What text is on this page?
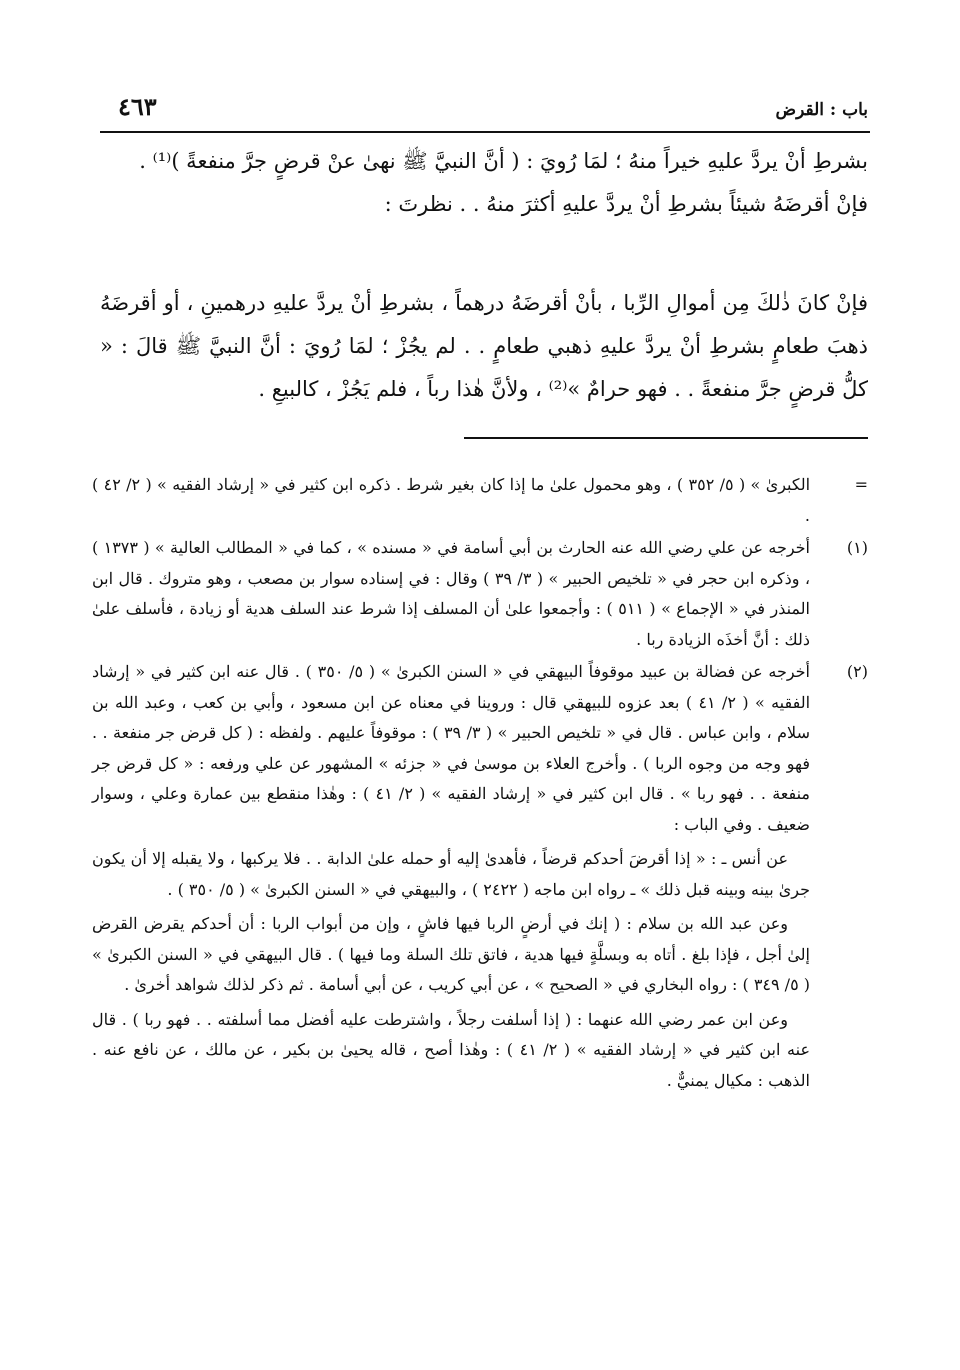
باب : القرض
٤٦٣

بشرطِ أنْ يردَّ عليهِ خيراً منهُ ؛ لمَا رُويَ : ( أنَّ النبيَّ ﷺ نهىٰ عنْ قرضٍ جرَّ منفعةً )⁽¹⁾ .

فإنْ أقرضَهُ شيئاً بشرطِ أنْ يردَّ عليهِ أكثرَ منهُ . . نظرتَ :

فإنْ كانَ ذٰلكَ مِن أموالِ الرِّبا ، بأنْ أقرضَهُ درهماً ، بشرطِ أنْ يردَّ عليهِ درهمينِ ، أو أقرضَهُ ذهبَ طعامٍ بشرطِ أنْ يردَّ عليهِ ذهبي طعامٍ . . لم يجُزْ ؛ لمَا رُويَ : أنَّ النبيَّ ﷺ قالَ : « كلُّ قرضٍ جرَّ منفعةً . . فهو حرامٌ »⁽²⁾ ، ولأنَّ هٰذا رباً ، فلم يَجُزْ ، كالبيعِ .

=

الكبرىٰ » ( ٥/ ٣٥٢ ) ، وهو محمول علىٰ ما إذا كان بغير شرط . ذكره ابن كثير في « إرشاد الفقيه » ( ٢/ ٤٢ ) .

(١)

أخرجه عن علي رضي الله عنه الحارث بن أبي أسامة في « مسنده » ، كما في « المطالب العالية » ( ١٣٧٣ ) ، وذكره ابن حجر في « تلخيص الحبير » ( ٣/ ٣٩ ) وقال : في إسناده سوار بن مصعب ، وهو متروك . قال ابن المنذر في « الإجماع » ( ٥١١ ) : وأجمعوا علىٰ أن المسلف إذا شرط عند السلف هدية أو زيادة ، فأسلف علىٰ ذلك : أنَّ أخذَه الزيادة ربا .

(٢)

أخرجه عن فضالة بن عبيد موقوفاً البيهقي في « السنن الكبرىٰ » ( ٥/ ٣٥٠ ) . قال عنه ابن كثير في « إرشاد الفقيه » ( ٢/ ٤١ ) بعد عزوه للبيهقي قال : وروينا في معناه عن ابن مسعود ، وأبي بن كعب ، وعبد الله بن سلام ، وابن عباس . قال في « تلخيص الحبير » ( ٣/ ٣٩ ) : موقوفاً عليهم . ولفظه : ( كل قرض جر منفعة . . فهو وجه من وجوه الربا ) . وأخرج العلاء بن موسىٰ في « جزئه » المشهور عن علي ورفعه : « كل قرض جر منفعة . . فهو ربا » . قال ابن كثير في « إرشاد الفقيه » ( ٢/ ٤١ ) : وهٰذا منقطع بين عمارة وعلي ، وسوار ضعيف . وفي الباب :

عن أنس ـ : « إذا أقرضَ أحدكم قرضاً ، فأهدىٰ إليه أو حمله علىٰ الدابة . . فلا يركبها ، ولا يقبله إلا أن يكون جرىٰ بينه وبينه قبل ذلك » ـ رواه ابن ماجه ( ٢٤٢٢ ) ، والبيهقي في « السنن الكبرىٰ » ( ٥/ ٣٥٠ ) .

وعن عبد الله بن سلام : ( إنك في أرضٍ الربا فيها فاشٍ ، وإن من أبواب الربا : أن أحدكم يقرض القرض إلىٰ أجل ، فإذا بلغ . أتاه به وبسلَّةٍ فيها هدية ، فاتق تلك السلة وما فيها ) . قال البيهقي في « السنن الكبرىٰ » ( ٥/ ٣٤٩ ) : رواه البخاري في « الصحيح » ، عن أبي كريب ، عن أبي أسامة . ثم ذكر لذلك شواهد أخرىٰ .

وعن ابن عمر رضي الله عنهما : ( إذا أسلفت رجلاً ، واشترطت عليه أفضل مما أسلفته . . فهو ربا ) . قال عنه ابن كثير في « إرشاد الفقيه » ( ٢/ ٤١ ) : وهٰذا أصح ، قاله يحيىٰ بن بكير ، عن مالك ، عن نافع عنه . الذهب : مكيال يمنيٌّ .
